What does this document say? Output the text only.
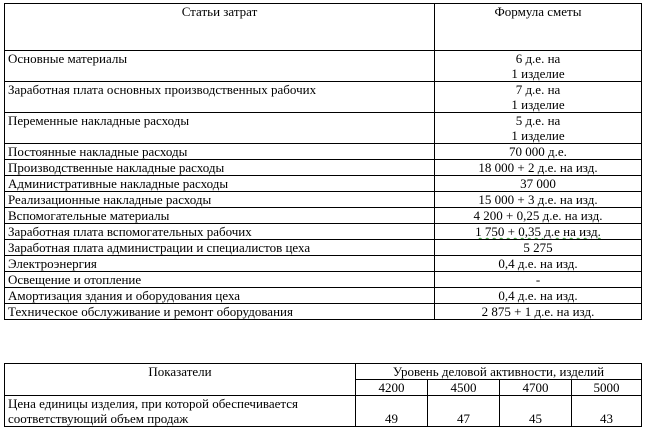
Статьи затрат	Формула сметы
Основные материалы	6 д.е. на
1 изделие

Заработная плата основных производственных рабочих	7 д.е. на
1 изделие

Переменные накладные расходы	5 д.е. на
1 изделие

Постоянные накладные расходы	70 000 д.е.
Производственные накладные расходы	18 000 + 2 д.е. на изд.
Административные накладные расходы	37 000
Реализационные накладные расходы	15 000 + 3 д.е. на изд.
Вспомогательные материалы	4 200 + 0,25 д.е. на изд.
Заработная плата вспомогательных рабочих	1 750 + 0,35 д.е на изд.
Заработная плата администрации и специалистов цеха	5 275
Электроэнергия	0,4 д.е. на изд.
Освещение и отопление	-
Амортизация здания и оборудования цеха	0,4 д.е. на изд.
Техническое обслуживание и ремонт оборудования	2 875 + 1 д.е. на изд.
Показатели	Уровень деловой активности, изделий			
	4200	4500	4700	5000
Цена единицы изделия, при которой обеспечивается соответствующий объем продаж	49	47	45	43
